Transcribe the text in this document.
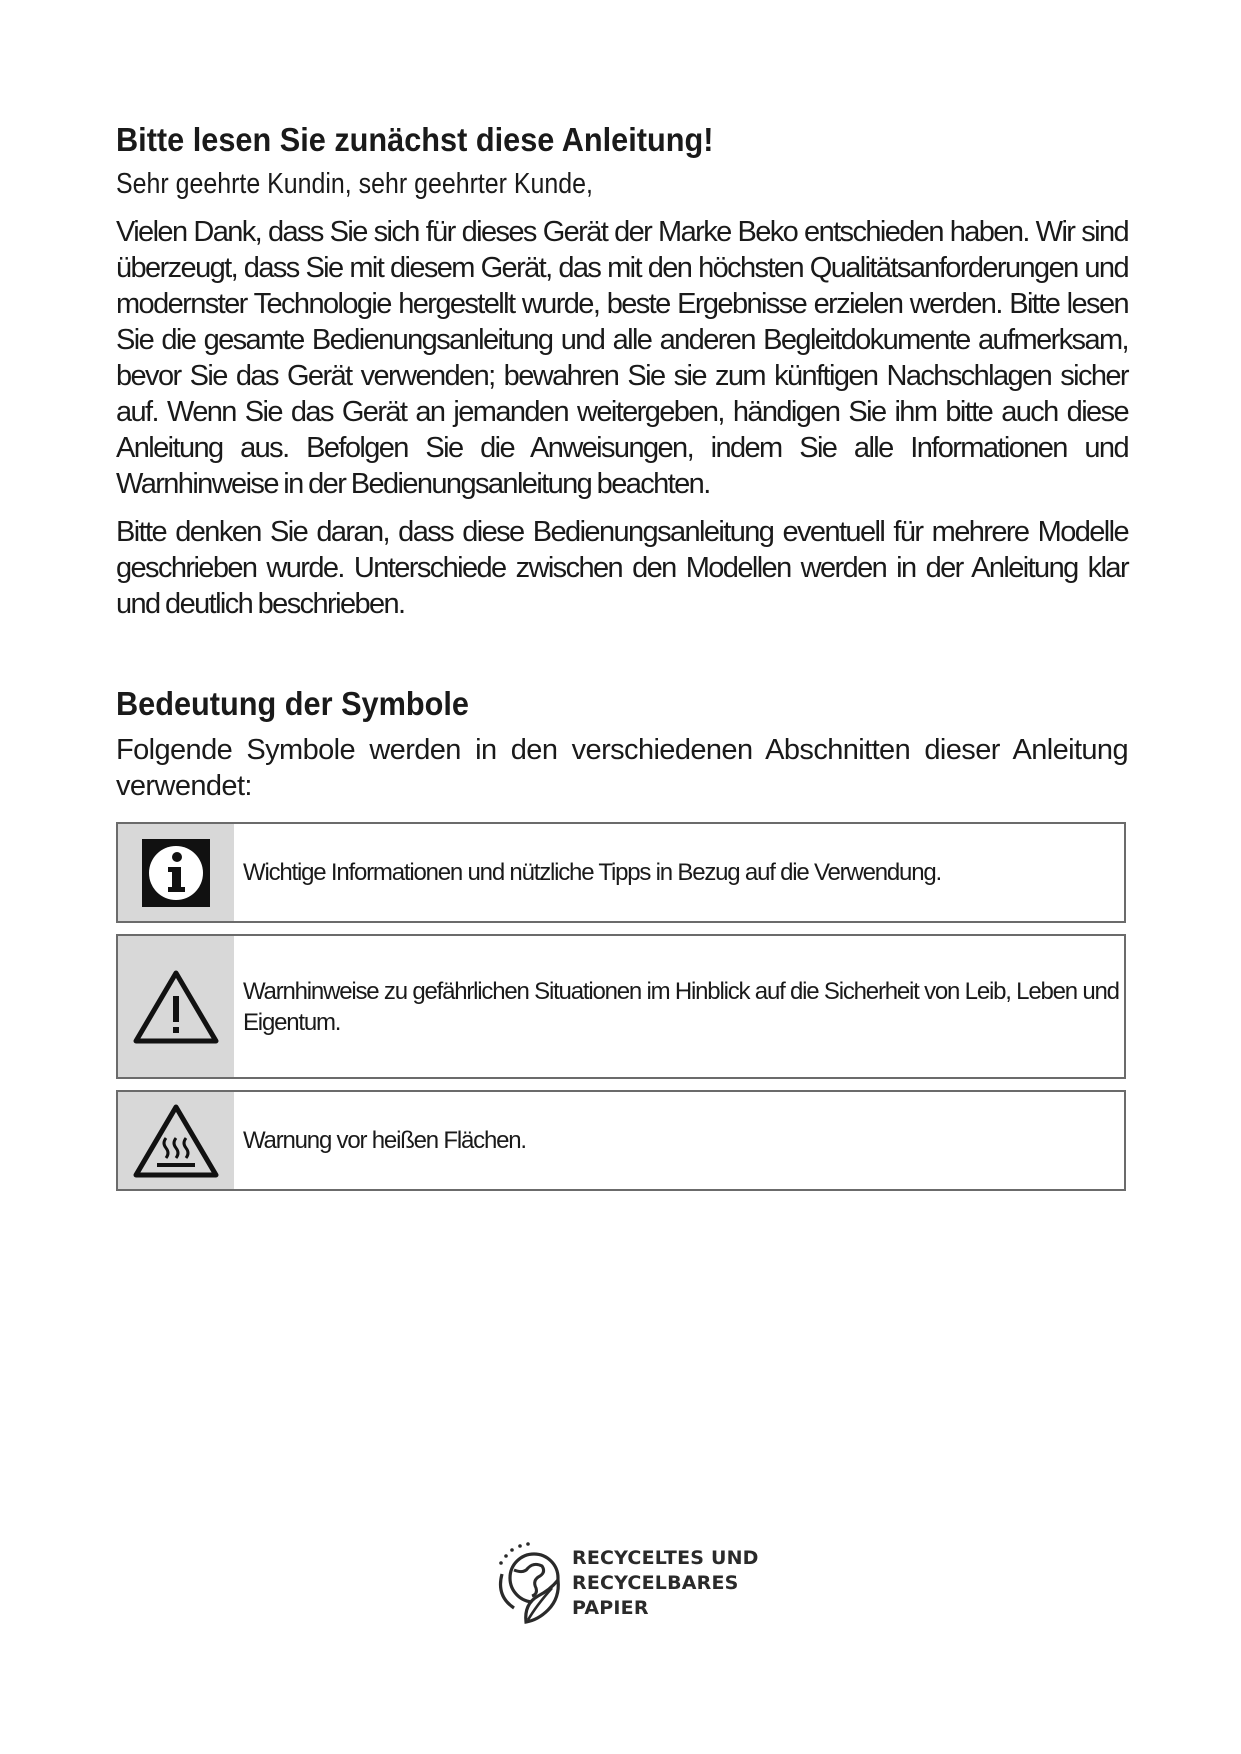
Bitte lesen Sie zunächst diese Anleitung!

Sehr geehrte Kundin, sehr geehrter Kunde,

Vielen Dank, dass Sie sich für dieses Gerät der Marke Beko entschieden haben. Wir sind überzeugt, dass Sie mit diesem Gerät, das mit den höchsten Qualitätsanforderungen und modernster Technologie hergestellt wurde, beste Ergebnisse erzielen werden. Bitte lesen Sie die gesamte Bedienungsanleitung und alle anderen Begleitdokumente aufmerksam, bevor Sie das Gerät verwenden; bewahren Sie sie zum künftigen Nachschlagen sicher auf. Wenn Sie das Gerät an jemanden weitergeben, händigen Sie ihm bitte auch diese Anleitung aus. Befolgen Sie die Anweisungen, indem Sie alle Informationen und Warnhinweise in der Bedienungsanleitung beachten.

Bitte denken Sie daran, dass diese Bedienungsanleitung eventuell für mehrere Modelle geschrieben wurde. Unterschiede zwischen den Modellen werden in der Anleitung klar und deutlich beschrieben.

Bedeutung der Symbole

Folgende Symbole werden in den verschiedenen Abschnitten dieser Anleitung verwendet:

Wichtige Informationen und nützliche Tipps in Bezug auf die Verwendung.
Warnhinweise zu gefährlichen Situationen im Hinblick auf die Sicherheit von Leib, Leben und Eigentum.
Warnung vor heißen Flächen.
RECYCELTES UND
RECYCELBARES
PAPIER
